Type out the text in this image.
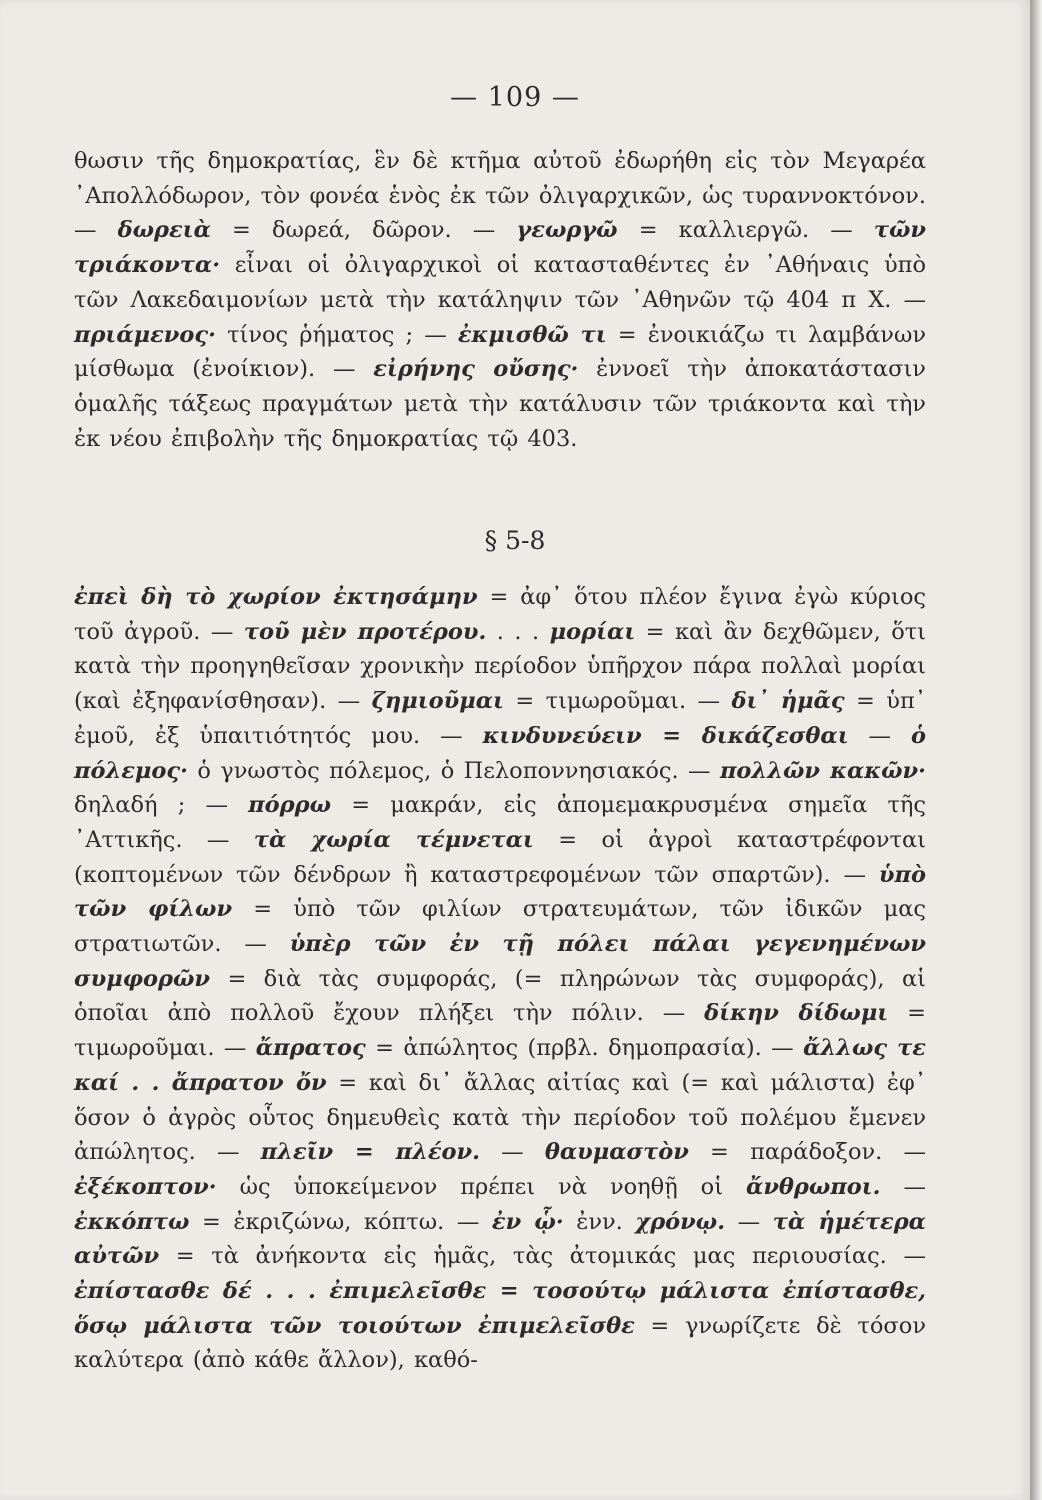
— 109 —
θωσιν τῆς δημοκρατίας, ἓν δὲ κτῆμα αὐτοῦ ἐδωρήθη εἰς τὸν Μεγαρέα ᾿Απολλόδωρον, τὸν φονέα ἑνὸς ἐκ τῶν ὀλιγαρχικῶν, ὡς τυραννοκτόνον. — δωρειὰ = δωρεά, δῶρον. — γεωργῶ = καλλιεργῶ. — τῶν τριάκοντα· εἶναι οἱ ὀλιγαρχικοὶ οἱ κατασταθέντες ἐν ᾿Αθήναις ὑπὸ τῶν Λακεδαιμονίων μετὰ τὴν κατάληψιν τῶν ᾿Αθηνῶν τῷ 404 π Χ. — πριάμενος· τίνος ῥήματος ; — ἐκμισθῶ τι = ἐνοικιάζω τι λαμβάνων μίσθωμα (ἐνοίκιον). — εἰρήνης οὔσης· ἐννοεῖ τὴν ἀποκατάστασιν ὁμαλῆς τάξεως πραγμάτων μετὰ τὴν κατάλυσιν τῶν τριάκοντα καὶ τὴν ἐκ νέου ἐπιβολὴν τῆς δημοκρατίας τῷ 403.
§ 5-8
ἐπεὶ δὴ τὸ χωρίον ἐκτησάμην = ἀφ᾿ ὅτου πλέον ἔγινα ἐγὼ κύριος τοῦ ἀγροῦ. — τοῦ μὲν προτέρου. . . . μορίαι = καὶ ἂν δεχθῶμεν, ὅτι κατὰ τὴν προηγηθεῖσαν χρονικὴν περίοδον ὑπῆρχον πάρα πολλαὶ μορίαι (καὶ ἐξηφανίσθησαν). — ζημιοῦμαι = τιμωροῦμαι. — δι᾿ ἡμᾶς = ὑπ᾿ ἐμοῦ, ἐξ ὑπαιτιότητός μου. — κινδυνεύειν = δικάζεσθαι — ὁ πόλεμος· ὁ γνωστὸς πόλεμος, ὁ Πελοποννησιακός. — πολλῶν κακῶν· δηλαδή ; — πόρρω = μακράν, εἰς ἀπομεμακρυσμένα σημεῖα τῆς ᾿Αττικῆς. — τὰ χωρία τέμνεται = οἱ ἀγροὶ καταστρέφονται (κοπτομένων τῶν δένδρων ἢ καταστρεφομένων τῶν σπαρτῶν). — ὑπὸ τῶν φίλων = ὑπὸ τῶν φιλίων στρατευμάτων, τῶν ἰδικῶν μας στρατιωτῶν. — ὑπὲρ τῶν ἐν τῇ πόλει πάλαι γεγενημένων συμφορῶν = διὰ τὰς συμφοράς, (= πληρώνων τὰς συμφοράς), αἱ ὁποῖαι ἀπὸ πολλοῦ ἔχουν πλήξει τὴν πόλιν. — δίκην δίδωμι = τιμωροῦμαι. — ἄπρατος = ἀπώλητος (πρβλ. δημοπρασία). — ἄλλως τε καί . . ἄπρατον ὄν = καὶ δι᾿ ἄλλας αἰτίας καὶ (= καὶ μάλιστα) ἐφ᾿ ὅσον ὁ ἀγρὸς οὗτος δημευθεὶς κατὰ τὴν περίοδον τοῦ πολέμου ἔμενεν ἀπώλητος. — πλεῖν = πλέον. — θαυμαστὸν = παράδοξον. — ἐξέκοπτον· ὡς ὑποκείμενον πρέπει νὰ νοηθῇ οἱ ἄνθρωποι. — ἐκκόπτω = ἐκριζώνω, κόπτω. — ἐν ᾧ· ἐνν. χρόνῳ. — τὰ ἡμέτερα αὐτῶν = τὰ ἀνήκοντα εἰς ἡμᾶς, τὰς ἀτομικάς μας περιουσίας. — ἐπίστασθε δέ . . . ἐπιμελεῖσθε = τοσούτῳ μάλιστα ἐπίστασθε, ὅσῳ μάλιστα τῶν τοιούτων ἐπιμελεῖσθε = γνωρίζετε δὲ τόσον καλύτερα (ἀπὸ κάθε ἄλλον), καθό-
